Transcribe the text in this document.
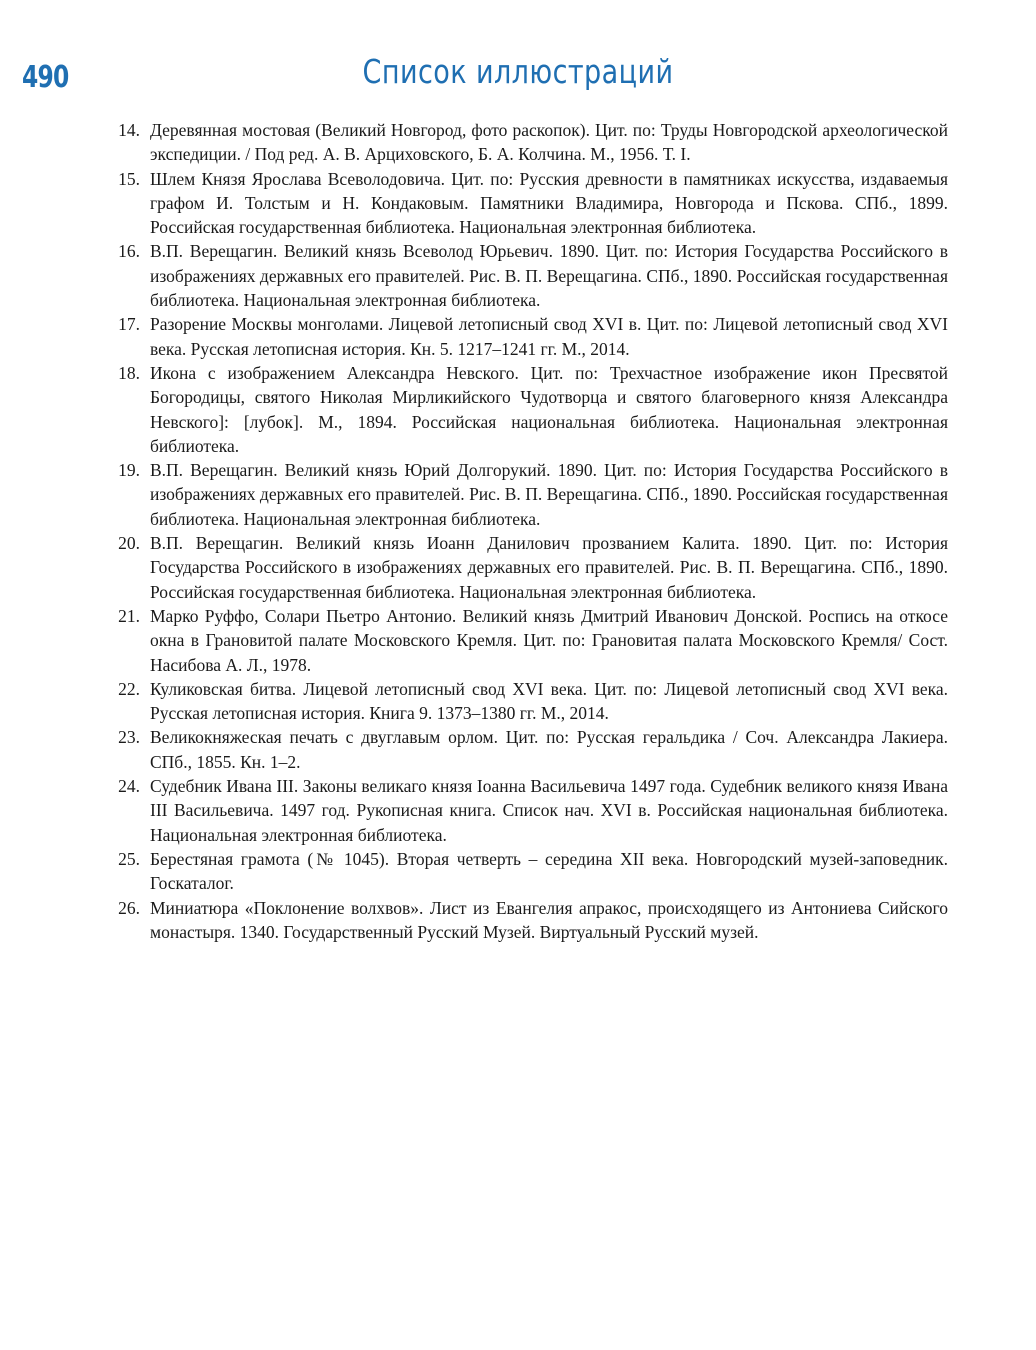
490	Список иллюстраций
14. Деревянная мостовая (Великий Новгород, фото раскопок). Цит. по: Труды Новгородской археологической экспедиции. / Под ред. А. В. Арциховского, Б. А. Колчина. М., 1956. Т. I.
15. Шлем Князя Ярослава Всеволодовича. Цит. по: Русския древности в памятниках искусства, издаваемыя графом И. Толстым и Н. Кондаковым. Памятники Владимира, Новгорода и Пскова. СПб., 1899. Российская государственная библиотека. Национальная электронная библиотека.
16. В.П. Верещагин. Великий князь Всеволод Юрьевич. 1890. Цит. по: История Государства Российского в изображениях державных его правителей. Рис. В. П. Верещагина. СПб., 1890. Российская государственная библиотека. Национальная электронная библиотека.
17. Разорение Москвы монголами. Лицевой летописный свод XVI в. Цит. по: Лицевой летописный свод XVI века. Русская летописная история. Кн. 5. 1217–1241 гг. М., 2014.
18. Икона с изображением Александра Невского. Цит. по: Трехчастное изображение икон Пресвятой Богородицы, святого Николая Мирликийского Чудотворца и святого благоверного князя Александра Невского]: [лубок]. М., 1894. Российская национальная библиотека. Национальная электронная библиотека.
19. В.П. Верещагин. Великий князь Юрий Долгорукий. 1890. Цит. по: История Государства Российского в изображениях державных его правителей. Рис. В. П. Верещагина. СПб., 1890. Российская государственная библиотека. Национальная электронная библиотека.
20. В.П. Верещагин. Великий князь Иоанн Данилович прозванием Калита. 1890. Цит. по: История Государства Российского в изображениях державных его правителей. Рис. В. П. Верещагина. СПб., 1890. Российская государственная библиотека. Национальная электронная библиотека.
21. Марко Руффо, Солари Пьетро Антонио. Великий князь Дмитрий Иванович Донской. Роспись на откосе окна в Грановитой палате Московского Кремля. Цит. по: Грановитая палата Московского Кремля/ Сост. Насибова А. Л., 1978.
22. Куликовская битва. Лицевой летописный свод XVI века. Цит. по: Лицевой летописный свод XVI века. Русская летописная история. Книга 9. 1373–1380 гг. М., 2014.
23. Великокняжеская печать с двуглавым орлом. Цит. по: Русская геральдика / Соч. Александра Лакиера. СПб., 1855. Кн. 1–2.
24. Судебник Ивана III. Законы великаго князя Іоанна Васильевича 1497 года. Судебник великого князя Ивана III Васильевича. 1497 год. Рукописная книга. Список нач. XVI в. Российская национальная библиотека. Национальная электронная библиотека.
25. Берестяная грамота (№ 1045). Вторая четверть – середина XII века. Новгородский музей-заповедник. Госкаталог.
26. Миниатюра «Поклонение волхвов». Лист из Евангелия апракос, происходящего из Антониева Сийского монастыря. 1340. Государственный Русский Музей. Виртуальный Русский музей.
